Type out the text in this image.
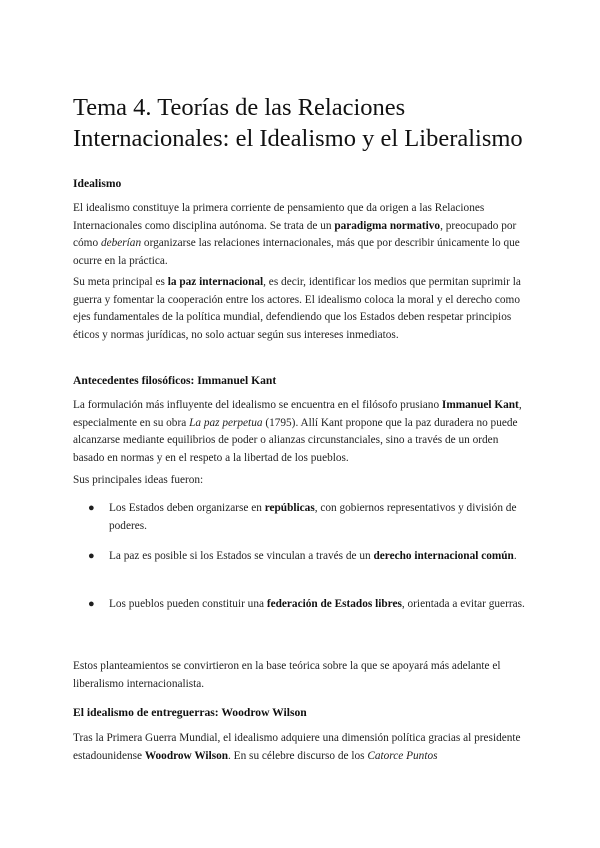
Tema 4. Teorías de las Relaciones Internacionales: el Idealismo y el Liberalismo
Idealismo

El idealismo constituye la primera corriente de pensamiento que da origen a las Relaciones Internacionales como disciplina autónoma. Se trata de un paradigma normativo, preocupado por cómo deberían organizarse las relaciones internacionales, más que por describir únicamente lo que ocurre en la práctica.

Su meta principal es la paz internacional, es decir, identificar los medios que permitan suprimir la guerra y fomentar la cooperación entre los actores. El idealismo coloca la moral y el derecho como ejes fundamentales de la política mundial, defendiendo que los Estados deben respetar principios éticos y normas jurídicas, no solo actuar según sus intereses inmediatos.

Antecedentes filosóficos: Immanuel Kant

La formulación más influyente del idealismo se encuentra en el filósofo prusiano Immanuel Kant, especialmente en su obra La paz perpetua (1795). Allí Kant propone que la paz duradera no puede alcanzarse mediante equilibrios de poder o alianzas circunstanciales, sino a través de un orden basado en normas y en el respeto a la libertad de los pueblos.

Sus principales ideas fueron:

● Los Estados deben organizarse en repúblicas, con gobiernos representativos y división de poderes.
● La paz es posible si los Estados se vinculan a través de un derecho internacional común.
● Los pueblos pueden constituir una federación de Estados libres, orientada a evitar guerras.

Estos planteamientos se convirtieron en la base teórica sobre la que se apoyará más adelante el liberalismo internacionalista.

El idealismo de entreguerras: Woodrow Wilson

Tras la Primera Guerra Mundial, el idealismo adquiere una dimensión política gracias al presidente estadounidense Woodrow Wilson. En su célebre discurso de los Catorce Puntos
